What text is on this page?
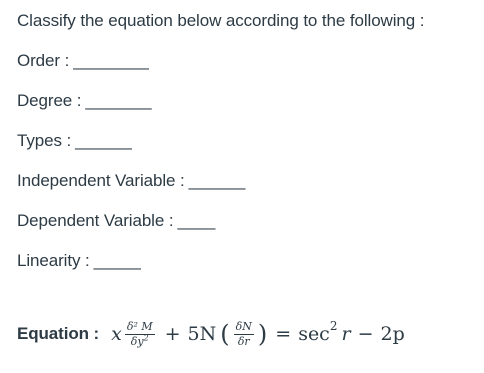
Classify the equation below according to the following :
Order : ________
Degree : _______
Types : ______
Independent Variable : ______
Dependent Variable : ____
Linearity : _____
Equation : x $\frac{\text{δ² M}}{\delta y^2} + 5N$ ( $\frac{\delta N}{\delta r}$ ) = sec 2 r − 2p
